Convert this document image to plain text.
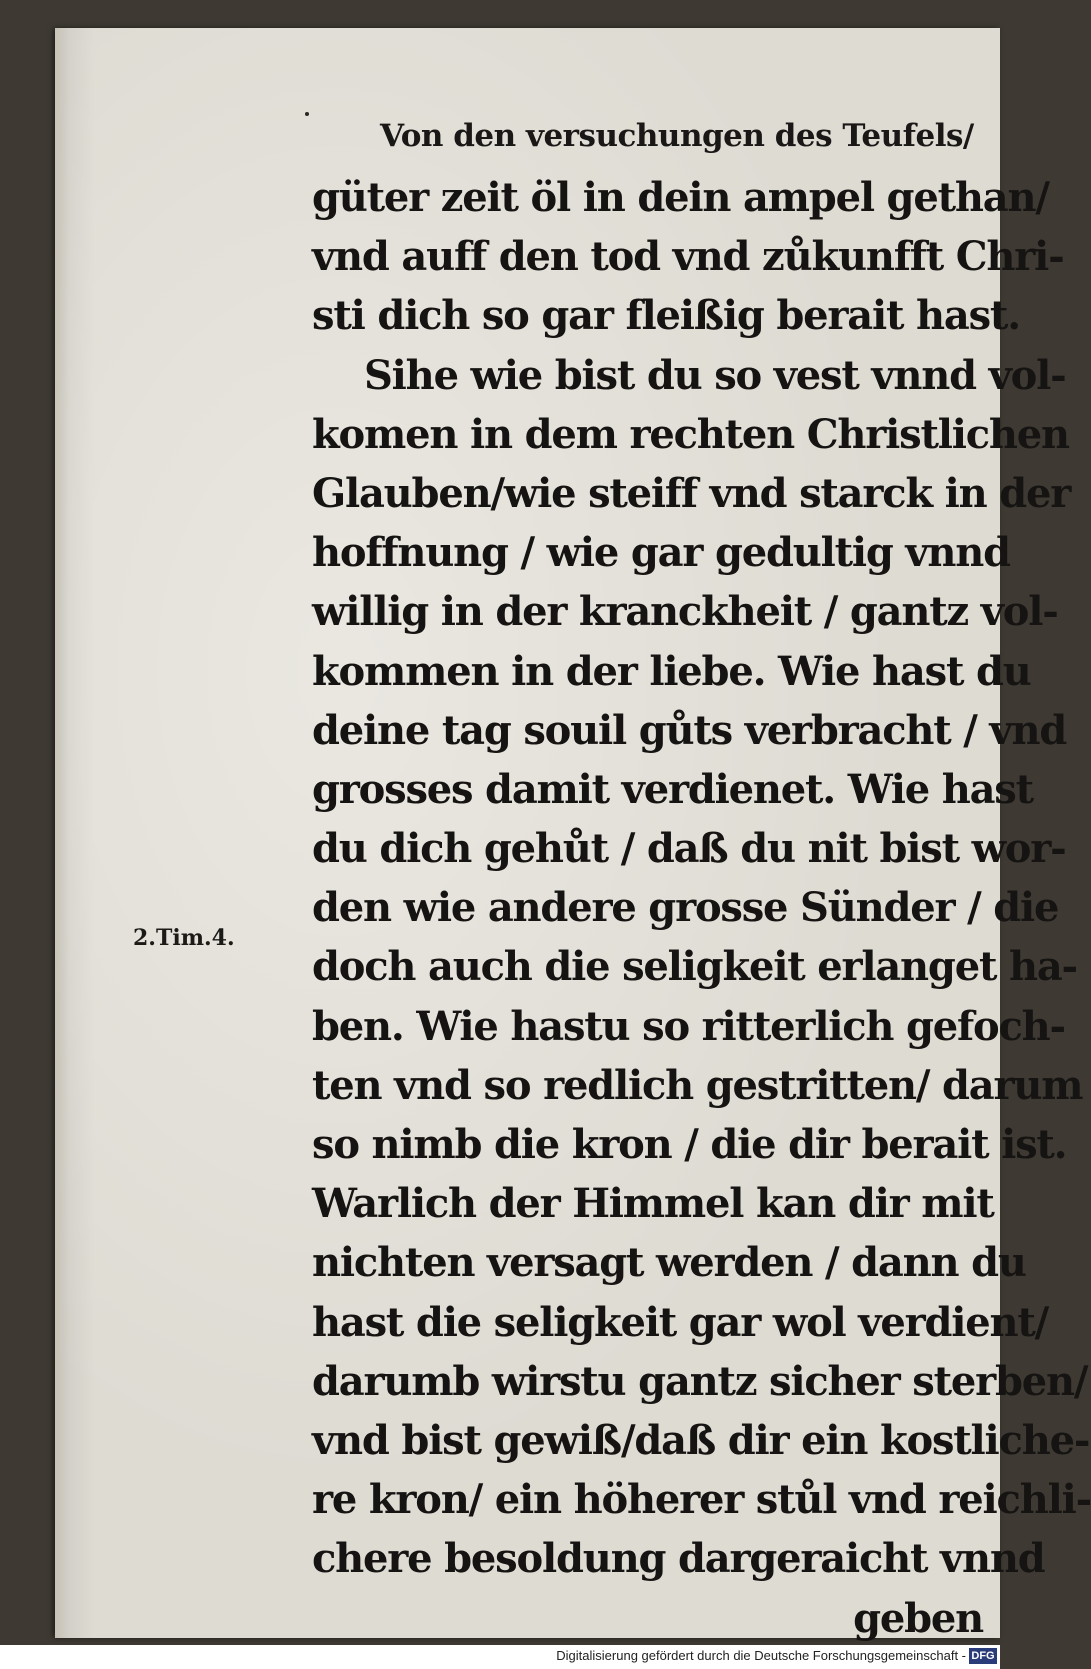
Von den versuchungen des Teufels/
2.Tim.4.
güter zeit öl in dein ampel gethan/
vnd auff den tod vnd zůkunfft Chri-
sti dich so gar fleißig berait hast.
Sihe wie bist du so vest vnnd vol-
komen in dem rechten Christlichen
Glauben/wie steiff vnd starck in der
hoffnung / wie gar gedultig vnnd
willig in der kranckheit / gantz vol-
kommen in der liebe. Wie hast du
deine tag souil gůts verbracht / vnd
grosses damit verdienet. Wie hast
du dich gehůt / daß du nit bist wor-
den wie andere grosse Sünder / die
doch auch die seligkeit erlanget ha-
ben. Wie hastu so ritterlich gefoch-
ten vnd so redlich gestritten/ darum
so nimb die kron / die dir berait ist.
Warlich der Himmel kan dir mit
nichten versagt werden / dann du
hast die seligkeit gar wol verdient/
darumb wirstu gantz sicher sterben/
vnd bist gewiß/daß dir ein kostliche-
re kron/ ein höherer stůl vnd reichli-
chere besoldung dargeraicht vnnd
geben
Digitalisierung gefördert durch die Deutsche Forschungsgemeinschaft - DFG
